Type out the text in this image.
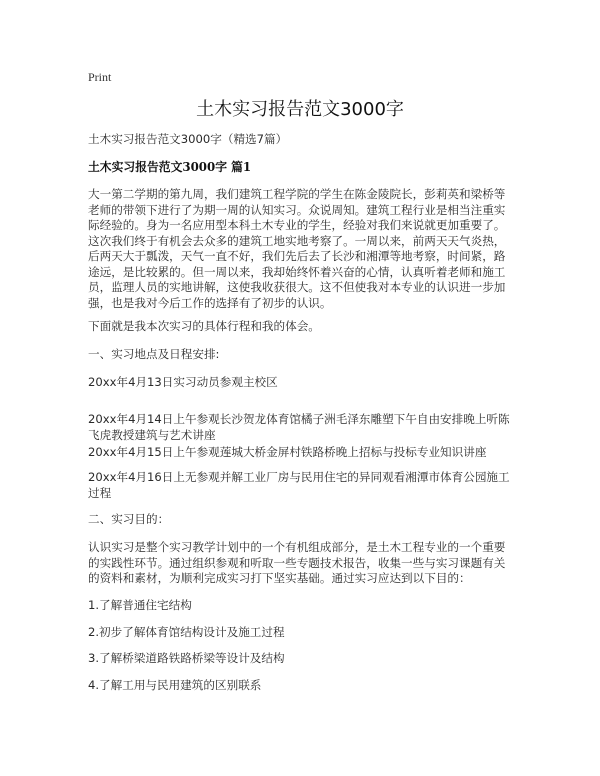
Print
土木实习报告范文3000字
土木实习报告范文3000字（精选7篇）
土木实习报告范文3000字 篇1
大一第二学期的第九周，我们建筑工程学院的学生在陈金陵院长，彭莉英和梁桥等
老师的带领下进行了为期一周的认知实习。众说周知。建筑工程行业是相当注重实
际经验的。身为一名应用型本科土木专业的学生，经验对我们来说就更加重要了。
这次我们终于有机会去众多的建筑工地实地考察了。一周以来，前两天天气炎热，
后两天大于瓢泼，天气一直不好，我们先后去了长沙和湘潭等地考察，时间紧，路
途远，是比较累的。但一周以来，我却始终怀着兴奋的心情，认真听着老师和施工
员，监理人员的实地讲解，这使我收获很大。这不但使我对本专业的认识进一步加
强，也是我对今后工作的选择有了初步的认识。
下面就是我本次实习的具体行程和我的体会。
一、实习地点及日程安排:
20xx年4月13日实习动员参观主校区
20xx年4月14日上午参观长沙贺龙体育馆橘子洲毛泽东雕塑下午自由安排晚上听陈
飞虎教授建筑与艺术讲座
20xx年4月15日上午参观莲城大桥金屏村铁路桥晚上招标与投标专业知识讲座
20xx年4月16日上无参观并解工业厂房与民用住宅的异同观看湘潭市体育公园施工
过程
二、实习目的：
认识实习是整个实习教学计划中的一个有机组成部分，是土木工程专业的一个重要
的实践性环节。通过组织参观和听取一些专题技术报告，收集一些与实习课题有关
的资料和素材，为顺利完成实习打下坚实基础。通过实习应达到以下目的：
1.了解普通住宅结构
2.初步了解体育馆结构设计及施工过程
3.了解桥梁道路铁路桥梁等设计及结构
4.了解工用与民用建筑的区别联系
